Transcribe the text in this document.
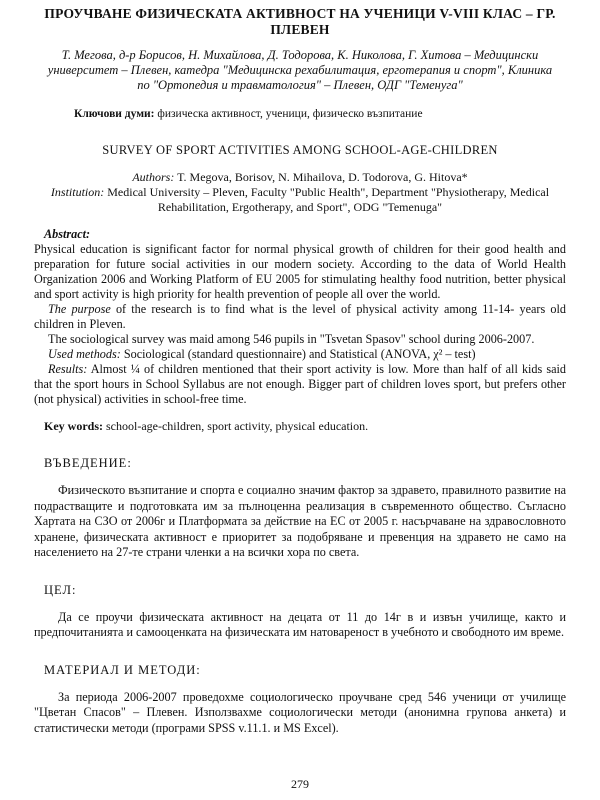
ПРОУЧВАНЕ ФИЗИЧЕСКАТА АКТИВНОСТ НА УЧЕНИЦИ V-VIII КЛАС – ГР. ПЛЕВЕН
Т. Мегова, д-р Борисов, Н. Михайлова, Д. Тодорова, К. Николова, Г. Хитова – Медицински университет – Плевен, катедра "Медицинска рехабилитация, ерготерапия и спорт", Клиника по "Ортопедия и травматология" – Плевен, ОДГ "Теменуга"
Ключови думи: физическа активност, ученици, физическо възпитание
SURVEY OF SPORT ACTIVITIES AMONG SCHOOL-AGE-CHILDREN
Authors: T. Megova, Borisov, N. Mihailova, D. Todorova, G. Hitova*
Institution: Medical University – Pleven, Faculty "Public Health", Department "Physiotherapy, Medical Rehabilitation, Ergotherapy, and Sport", ODG "Temenuga"
Abstract:

Physical education is significant factor for normal physical growth of children for their good health and preparation for future social activities in our modern society. According to the data of World Health Organization 2006 and Working Platform of EU 2005 for stimulating healthy food nutrition, better physical and sport activity is high priority for health prevention of people all over the world.

The purpose of the research is to find what is the level of physical activity among 11-14- years old children in Pleven.

The sociological survey was maid among 546 pupils in "Tsvetan Spasov" school during 2006-2007.

Used methods: Sociological (standard questionnaire) and Statistical (ANOVA, χ² – test)

Results: Almost ¼ of children mentioned that their sport activity is low. More than half of all kids said that the sport hours in School Syllabus are not enough. Bigger part of children loves sport, but prefers other (not physical) activities in school-free time.

Key words: school-age-children, sport activity, physical education.
ВЪВЕДЕНИЕ:
Физическото възпитание и спорта е социално значим фактор за здравето, правилното развитие на подрастващите и подготовката им за пълноценна реализация в съвременното общество. Съгласно Хартата на СЗО от 2006г и Платформата за действие на ЕС от 2005 г. насърчаване на здравословното хранене, физическата активност е приоритет за подобряване и превенция на здравето не само на населението на 27-те страни членки а на всички хора по света.
ЦЕЛ:
Да се проучи физическата активност на децата от 11 до 14г в и извън училище, както и предпочитанията и самооценката на физическата им натовареност в учебното и свободното им време.
МАТЕРИАЛ И МЕТОДИ:
За периода 2006-2007 проведохме социологическо проучване сред 546 ученици от училище "Цветан Спасов" – Плевен. Използвахме социологически методи (анонимна групова анкета) и статистически методи (програми SPSS v.11.1. и MS Excel).
279
